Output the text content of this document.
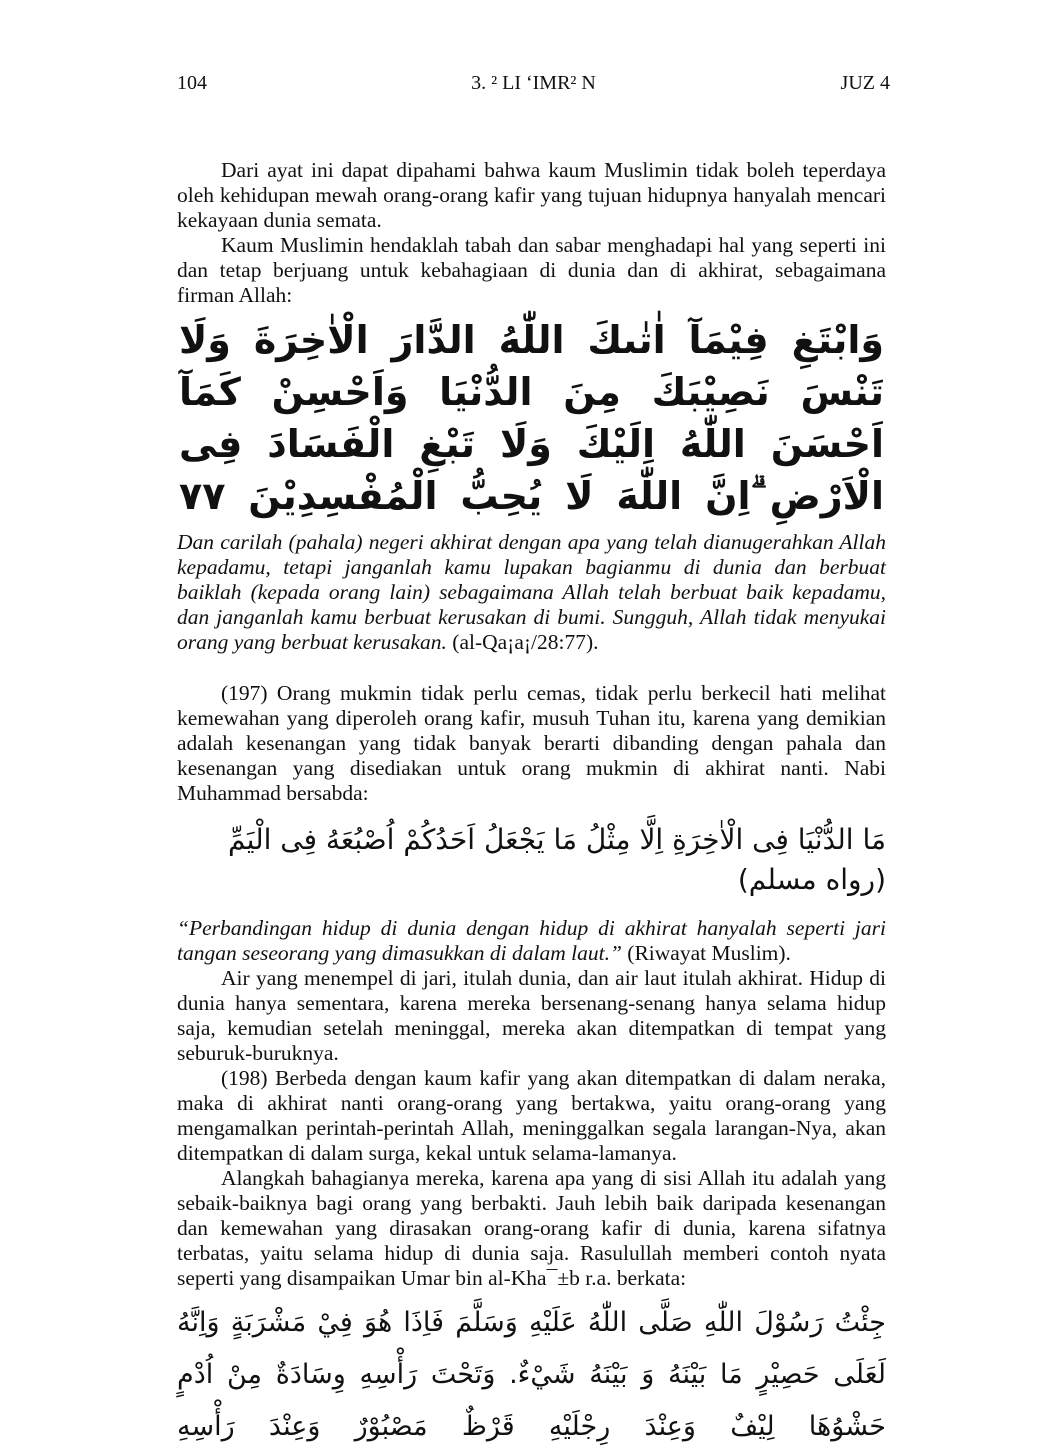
104	3. ² LI ‘IMR² N	JUZ 4

Dari ayat ini dapat dipahami bahwa kaum Muslimin tidak boleh teperdaya oleh kehidupan mewah orang-orang kafir yang tujuan hidupnya hanyalah mencari kekayaan dunia semata.

Kaum Muslimin hendaklah tabah dan sabar menghadapi hal yang seperti ini dan tetap berjuang untuk kebahagiaan di dunia dan di akhirat, sebagaimana firman Allah:

وَابْتَغِ فِيْمَآ اٰتٰىكَ اللّٰهُ الدَّارَ الْاٰخِرَةَ وَلَا تَنْسَ نَصِيْبَكَ مِنَ الدُّنْيَا وَاَحْسِنْ كَمَآ اَحْسَنَ اللّٰهُ اِلَيْكَ وَلَا تَبْغِ الْفَسَادَ فِى الْاَرْضِ ۗاِنَّ اللّٰهَ لَا يُحِبُّ الْمُفْسِدِيْنَ ٧٧

Dan carilah (pahala) negeri akhirat dengan apa yang telah dianugerahkan Allah kepadamu, tetapi janganlah kamu lupakan bagianmu di dunia dan berbuat baiklah (kepada orang lain) sebagaimana Allah telah berbuat baik kepadamu, dan janganlah kamu berbuat kerusakan di bumi. Sungguh, Allah tidak menyukai orang yang berbuat kerusakan. (al-Qa¡a¡/28:77).

(197) Orang mukmin tidak perlu cemas, tidak perlu berkecil hati melihat kemewahan yang diperoleh orang kafir, musuh Tuhan itu, karena yang demikian adalah kesenangan yang tidak banyak berarti dibanding dengan pahala dan kesenangan yang disediakan untuk orang mukmin di akhirat nanti. Nabi Muhammad bersabda:

مَا الدُّنْيَا فِى الْاٰخِرَةِ اِلَّا مِثْلُ مَا يَجْعَلُ اَحَدُكُمْ اُصْبُعَهُ فِى الْيَمِّ (رواه مسلم)

“Perbandingan hidup di dunia dengan hidup di akhirat hanyalah seperti jari tangan seseorang yang dimasukkan di dalam laut.” (Riwayat Muslim).

Air yang menempel di jari, itulah dunia, dan air laut itulah akhirat. Hidup di dunia hanya sementara, karena mereka bersenang-senang hanya selama hidup saja, kemudian setelah meninggal, mereka akan ditempatkan di tempat yang seburuk-buruknya.

(198) Berbeda dengan kaum kafir yang akan ditempatkan di dalam neraka, maka di akhirat nanti orang-orang yang bertakwa, yaitu orang-orang yang mengamalkan perintah-perintah Allah, meninggalkan segala larangan-Nya, akan ditempatkan di dalam surga, kekal untuk selama-lamanya.

Alangkah bahagianya mereka, karena apa yang di sisi Allah itu adalah yang sebaik-baiknya bagi orang yang berbakti. Jauh lebih baik daripada kesenangan dan kemewahan yang dirasakan orang-orang kafir di dunia, karena sifatnya terbatas, yaitu selama hidup di dunia saja. Rasulullah memberi contoh nyata seperti yang disampaikan Umar bin al-Kha¯±b r.a. berkata:

جِئْتُ رَسُوْلَ اللّٰهِ صَلَّى اللّٰهُ عَلَيْهِ وَسَلَّمَ فَاِذَا هُوَ فِيْ مَشْرَبَةٍ وَاِنَّهُ لَعَلَى حَصِيْرٍ مَا بَيْنَهُ وَ بَيْنَهُ شَيْءٌ. وَتَحْتَ رَأْسِهِ وِسَادَةٌ مِنْ اُدْمٍ حَشْوُهَا لِيْفٌ وَعِنْدَ رِجْلَيْهِ قَرْظٌ مَصْبُوْرٌ وَعِنْدَ رَأْسِهِ
